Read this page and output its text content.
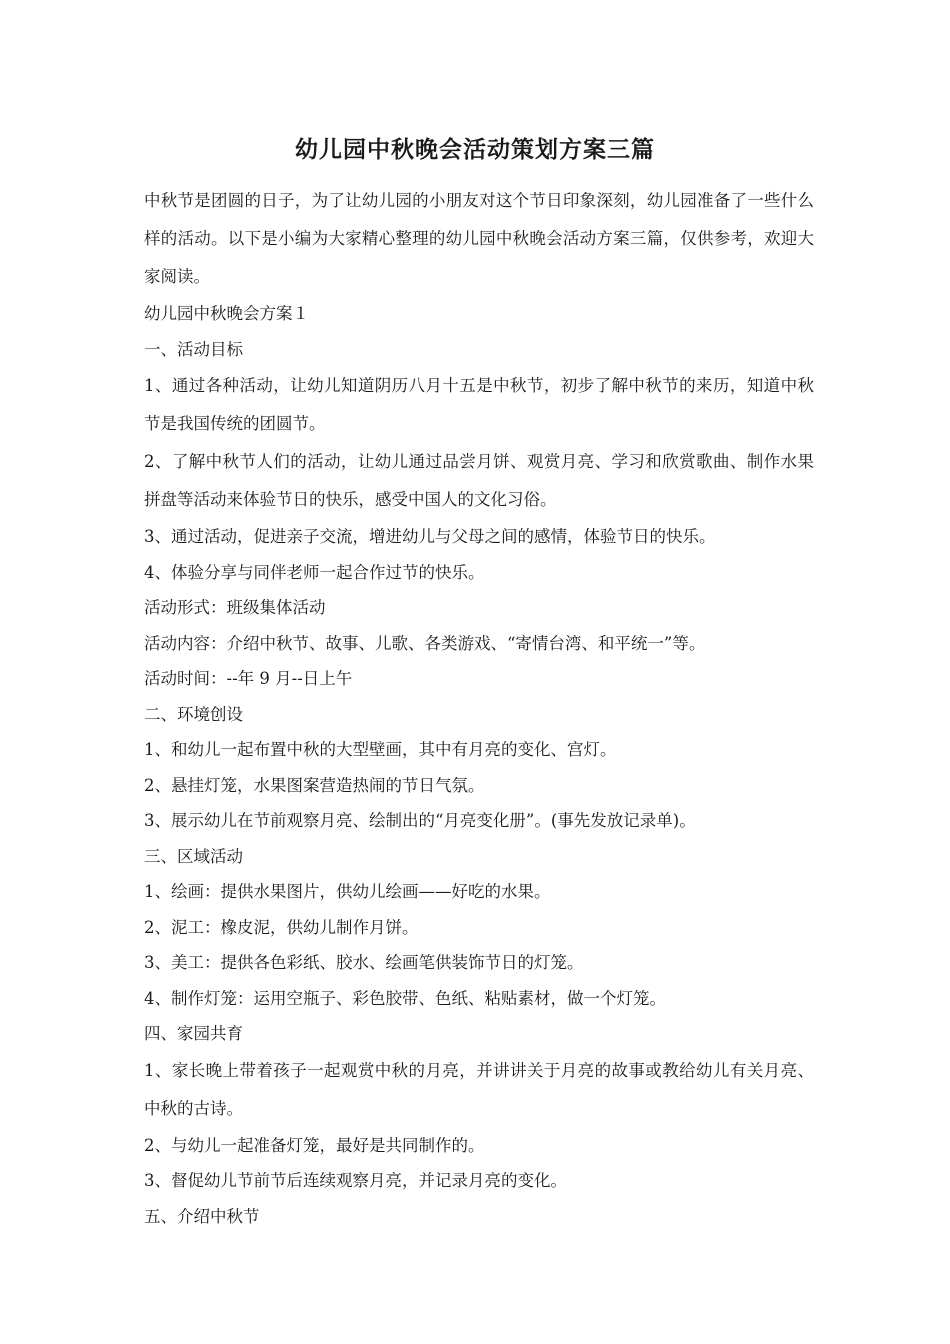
幼儿园中秋晚会活动策划方案三篇

中秋节是团圆的日子，为了让幼儿园的小朋友对这个节日印象深刻，幼儿园准备了一些什么样的活动。以下是小编为大家精心整理的幼儿园中秋晚会活动方案三篇，仅供参考，欢迎大家阅读。

幼儿园中秋晚会方案１

一、活动目标

1、通过各种活动，让幼儿知道阴历八月十五是中秋节，初步了解中秋节的来历，知道中秋节是我国传统的团圆节。

2、了解中秋节人们的活动，让幼儿通过品尝月饼、观赏月亮、学习和欣赏歌曲、制作水果拼盘等活动来体验节日的快乐，感受中国人的文化习俗。

3、通过活动，促进亲子交流，增进幼儿与父母之间的感情，体验节日的快乐。

4、体验分享与同伴老师一起合作过节的快乐。

活动形式：班级集体活动

活动内容：介绍中秋节、故事、儿歌、各类游戏、“寄情台湾、和平统一”等。

活动时间：--年 9 月--日上午

二、环境创设

1、和幼儿一起布置中秋的大型壁画，其中有月亮的变化、宫灯。

2、悬挂灯笼，水果图案营造热闹的节日气氛。

3、展示幼儿在节前观察月亮、绘制出的“月亮变化册”。(事先发放记录单)。

三、区域活动

1、绘画：提供水果图片，供幼儿绘画——好吃的水果。

2、泥工：橡皮泥，供幼儿制作月饼。

3、美工：提供各色彩纸、胶水、绘画笔供装饰节日的灯笼。

4、制作灯笼：运用空瓶子、彩色胶带、色纸、粘贴素材，做一个灯笼。

四、家园共育

1、家长晚上带着孩子一起观赏中秋的月亮，并讲讲关于月亮的故事或教给幼儿有关月亮、中秋的古诗。

2、与幼儿一起准备灯笼，最好是共同制作的。

3、督促幼儿节前节后连续观察月亮，并记录月亮的变化。

五、介绍中秋节
